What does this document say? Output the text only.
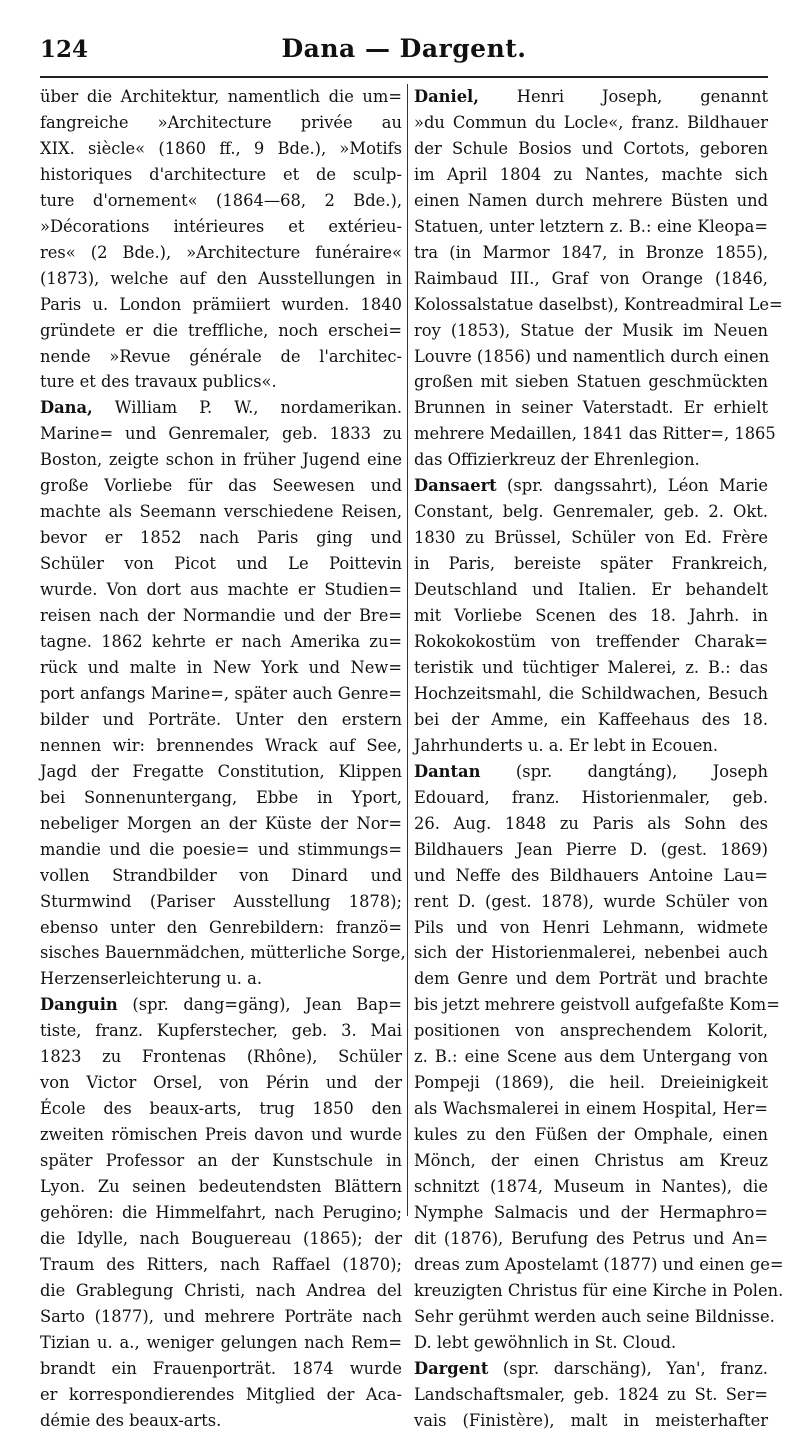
124	Dana — Dargent.
über die Architektur, namentlich die um=
fangreiche »Architecture privée au
XIX. siècle« (1860 ff., 9 Bde.), »Motifs
historiques d'architecture et de sculp-
ture d'ornement« (1864—68, 2 Bde.),
»Décorations intérieures et extérieu-
res« (2 Bde.), »Architecture funéraire«
(1873), welche auf den Ausstellungen in
Paris u. London prämiiert wurden. 1840
gründete er die treffliche, noch erschei=
nende »Revue générale de l'architec-
ture et des travaux publics«.
Dana, William P. W., nordamerikan.
Marine= und Genremaler, geb. 1833 zu
Boston, zeigte schon in früher Jugend eine
große Vorliebe für das Seewesen und
machte als Seemann verschiedene Reisen,
bevor er 1852 nach Paris ging und
Schüler von Picot und Le Poittevin
wurde. Von dort aus machte er Studien=
reisen nach der Normandie und der Bre=
tagne. 1862 kehrte er nach Amerika zu=
rück und malte in New York und New=
port anfangs Marine=, später auch Genre=
bilder und Porträte. Unter den erstern
nennen wir: brennendes Wrack auf See,
Jagd der Fregatte Constitution, Klippen
bei Sonnenuntergang, Ebbe in Yport,
nebeliger Morgen an der Küste der Nor=
mandie und die poesie= und stimmungs=
vollen Strandbilder von Dinard und
Sturmwind (Pariser Ausstellung 1878);
ebenso unter den Genrebildern: franzö=
sisches Bauernmädchen, mütterliche Sorge,
Herzenserleichterung u. a.
Danguin (spr. dang=gäng), Jean Bap=
tiste, franz. Kupferstecher, geb. 3. Mai
1823 zu Frontenas (Rhône), Schüler
von Victor Orsel, von Périn und der
École des beaux-arts, trug 1850 den
zweiten römischen Preis davon und wurde
später Professor an der Kunstschule in
Lyon. Zu seinen bedeutendsten Blättern
gehören: die Himmelfahrt, nach Perugino;
die Idylle, nach Bouguereau (1865); der
Traum des Ritters, nach Raffael (1870);
die Grablegung Christi, nach Andrea del
Sarto (1877), und mehrere Porträte nach
Tizian u. a., weniger gelungen nach Rem=
brandt ein Frauenporträt. 1874 wurde
er korrespondierendes Mitglied der Aca-
démie des beaux-arts.
Daniel, Henri Joseph, genannt
»du Commun du Locle«, franz. Bildhauer
der Schule Bosios und Cortots, geboren
im April 1804 zu Nantes, machte sich
einen Namen durch mehrere Büsten und
Statuen, unter letztern z. B.: eine Kleopa=
tra (in Marmor 1847, in Bronze 1855),
Raimbaud III., Graf von Orange (1846,
Kolossalstatue daselbst), Kontreadmiral Le=
roy (1853), Statue der Musik im Neuen
Louvre (1856) und namentlich durch einen
großen mit sieben Statuen geschmückten
Brunnen in seiner Vaterstadt. Er erhielt
mehrere Medaillen, 1841 das Ritter=, 1865
das Offizierkreuz der Ehrenlegion.
Dansaert (spr. dangssahrt), Léon Marie
Constant, belg. Genremaler, geb. 2. Okt.
1830 zu Brüssel, Schüler von Ed. Frère
in Paris, bereiste später Frankreich,
Deutschland und Italien. Er behandelt
mit Vorliebe Scenen des 18. Jahrh. in
Rokokokostüm von treffender Charak=
teristik und tüchtiger Malerei, z. B.: das
Hochzeitsmahl, die Schildwachen, Besuch
bei der Amme, ein Kaffeehaus des 18.
Jahrhunderts u. a. Er lebt in Ecouen.
Dantan (spr. dangtáng), Joseph
Edouard, franz. Historienmaler, geb.
26. Aug. 1848 zu Paris als Sohn des
Bildhauers Jean Pierre D. (gest. 1869)
und Neffe des Bildhauers Antoine Lau=
rent D. (gest. 1878), wurde Schüler von
Pils und von Henri Lehmann, widmete
sich der Historienmalerei, nebenbei auch
dem Genre und dem Porträt und brachte
bis jetzt mehrere geistvoll aufgefaßte Kom=
positionen von ansprechendem Kolorit,
z. B.: eine Scene aus dem Untergang von
Pompeji (1869), die heil. Dreieinigkeit
als Wachsmalerei in einem Hospital, Her=
kules zu den Füßen der Omphale, einen
Mönch, der einen Christus am Kreuz
schnitzt (1874, Museum in Nantes), die
Nymphe Salmacis und der Hermaphro=
dit (1876), Berufung des Petrus und An=
dreas zum Apostelamt (1877) und einen ge=
kreuzigten Christus für eine Kirche in Polen.
Sehr gerühmt werden auch seine Bildnisse.
D. lebt gewöhnlich in St. Cloud.
Dargent (spr. darschäng), Yan', franz.
Landschaftsmaler, geb. 1824 zu St. Ser=
vais (Finistère), malt in meisterhafter
